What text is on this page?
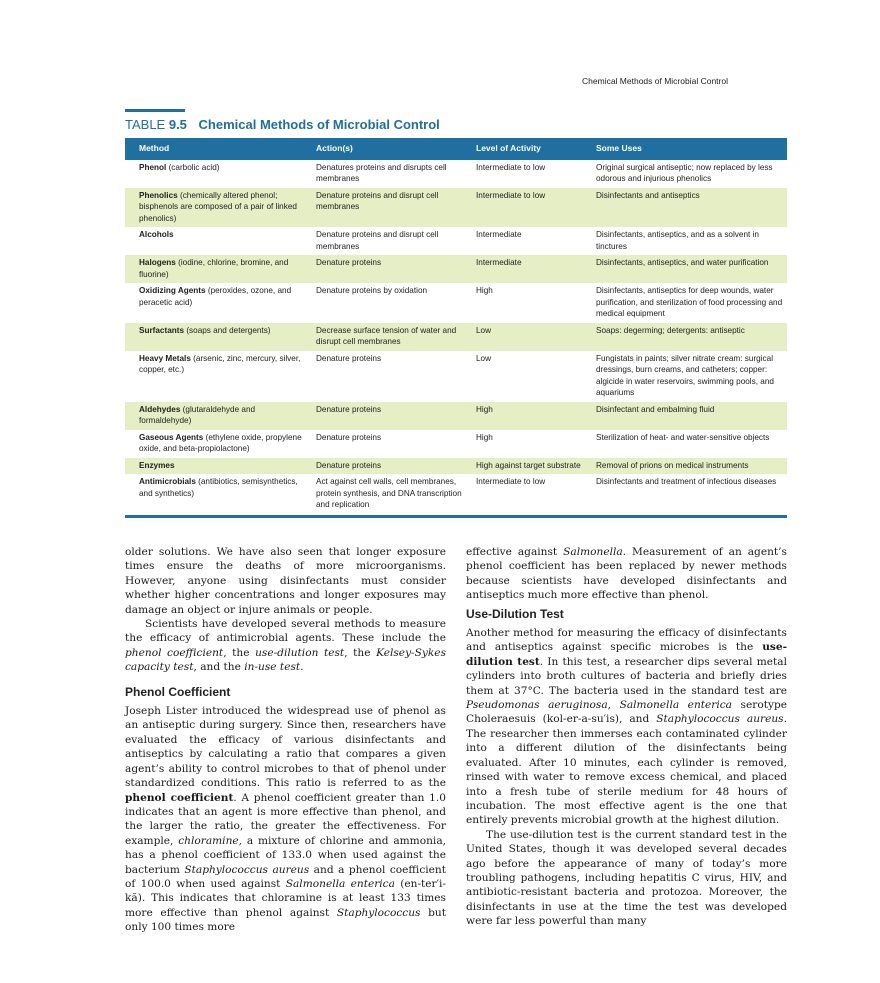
Chemical Methods of Microbial Control
TABLE 9.5 Chemical Methods of Microbial Control
Method	Action(s)	Level of Activity	Some Uses
Phenol (carbolic acid)	Denatures proteins and disrupts cell membranes	Intermediate to low	Original surgical antiseptic; now replaced by less odorous and injurious phenolics
Phenolics (chemically altered phenol; bisphenols are composed of a pair of linked phenolics)	Denature proteins and disrupt cell membranes	Intermediate to low	Disinfectants and antiseptics
Alcohols	Denature proteins and disrupt cell membranes	Intermediate	Disinfectants, antiseptics, and as a solvent in tinctures
Halogens (iodine, chlorine, bromine, and fluorine)	Denature proteins	Intermediate	Disinfectants, antiseptics, and water purification
Oxidizing Agents (peroxides, ozone, and peracetic acid)	Denature proteins by oxidation	High	Disinfectants, antiseptics for deep wounds, water purification, and sterilization of food processing and medical equipment
Surfactants (soaps and detergents)	Decrease surface tension of water and disrupt cell membranes	Low	Soaps: degerming; detergents: antiseptic
Heavy Metals (arsenic, zinc, mercury, silver, copper, etc.)	Denature proteins	Low	Fungistats in paints; silver nitrate cream: surgical dressings, burn creams, and catheters; copper: algicide in water reservoirs, swimming pools, and aquariums
Aldehydes (glutaraldehyde and formaldehyde)	Denature proteins	High	Disinfectant and embalming fluid
Gaseous Agents (ethylene oxide, propylene oxide, and beta-propiolactone)	Denature proteins	High	Sterilization of heat- and water-sensitive objects
Enzymes	Denature proteins	High against target substrate	Removal of prions on medical instruments
Antimicrobials (antibiotics, semisynthetics, and synthetics)	Act against cell walls, cell membranes, protein synthesis, and DNA transcription and replication	Intermediate to low	Disinfectants and treatment of infectious diseases

older solutions. We have also seen that longer exposure times ensure the deaths of more microorganisms. However, anyone using disinfectants must consider whether higher concentrations and longer exposures may damage an object or injure animals or people.

Scientists have developed several methods to measure the efficacy of antimicrobial agents. These include the phenol coefficient, the use-dilution test, the Kelsey-Sykes capacity test, and the in-use test.

Phenol Coefficient

Joseph Lister introduced the widespread use of phenol as an antiseptic during surgery. Since then, researchers have evaluated the efficacy of various disinfectants and antiseptics by calculating a ratio that compares a given agent’s ability to control microbes to that of phenol under standardized conditions. This ratio is referred to as the phenol coefficient. A phenol coefficient greater than 1.0 indicates that an agent is more effective than phenol, and the larger the ratio, the greater the effectiveness. For example, chloramine, a mixture of chlorine and ammonia, has a phenol coefficient of 133.0 when used against the bacterium Staphylococcus aureus and a phenol coefficient of 100.0 when used against Salmonella enterica (en-ter′i-kă). This indicates that chloramine is at least 133 times more effective than phenol against Staphylococcus but only 100 times more

effective against Salmonella. Measurement of an agent’s phenol coefficient has been replaced by newer methods because scientists have developed disinfectants and antiseptics much more effective than phenol.

Use-Dilution Test

Another method for measuring the efficacy of disinfectants and antiseptics against specific microbes is the use-dilution test. In this test, a researcher dips several metal cylinders into broth cultures of bacteria and briefly dries them at 37°C. The bacteria used in the standard test are Pseudomonas aeruginosa, Salmonella enterica serotype Choleraesuis (kol-er-a-su′is), and Staphylococcus aureus. The researcher then immerses each contaminated cylinder into a different dilution of the disinfectants being evaluated. After 10 minutes, each cylinder is removed, rinsed with water to remove excess chemical, and placed into a fresh tube of sterile medium for 48 hours of incubation. The most effective agent is the one that entirely prevents microbial growth at the highest dilution.

The use-dilution test is the current standard test in the United States, though it was developed several decades ago before the appearance of many of today’s more troubling pathogens, including hepatitis C virus, HIV, and antibiotic-resistant bacteria and protozoa. Moreover, the disinfectants in use at the time the test was developed were far less powerful than many
